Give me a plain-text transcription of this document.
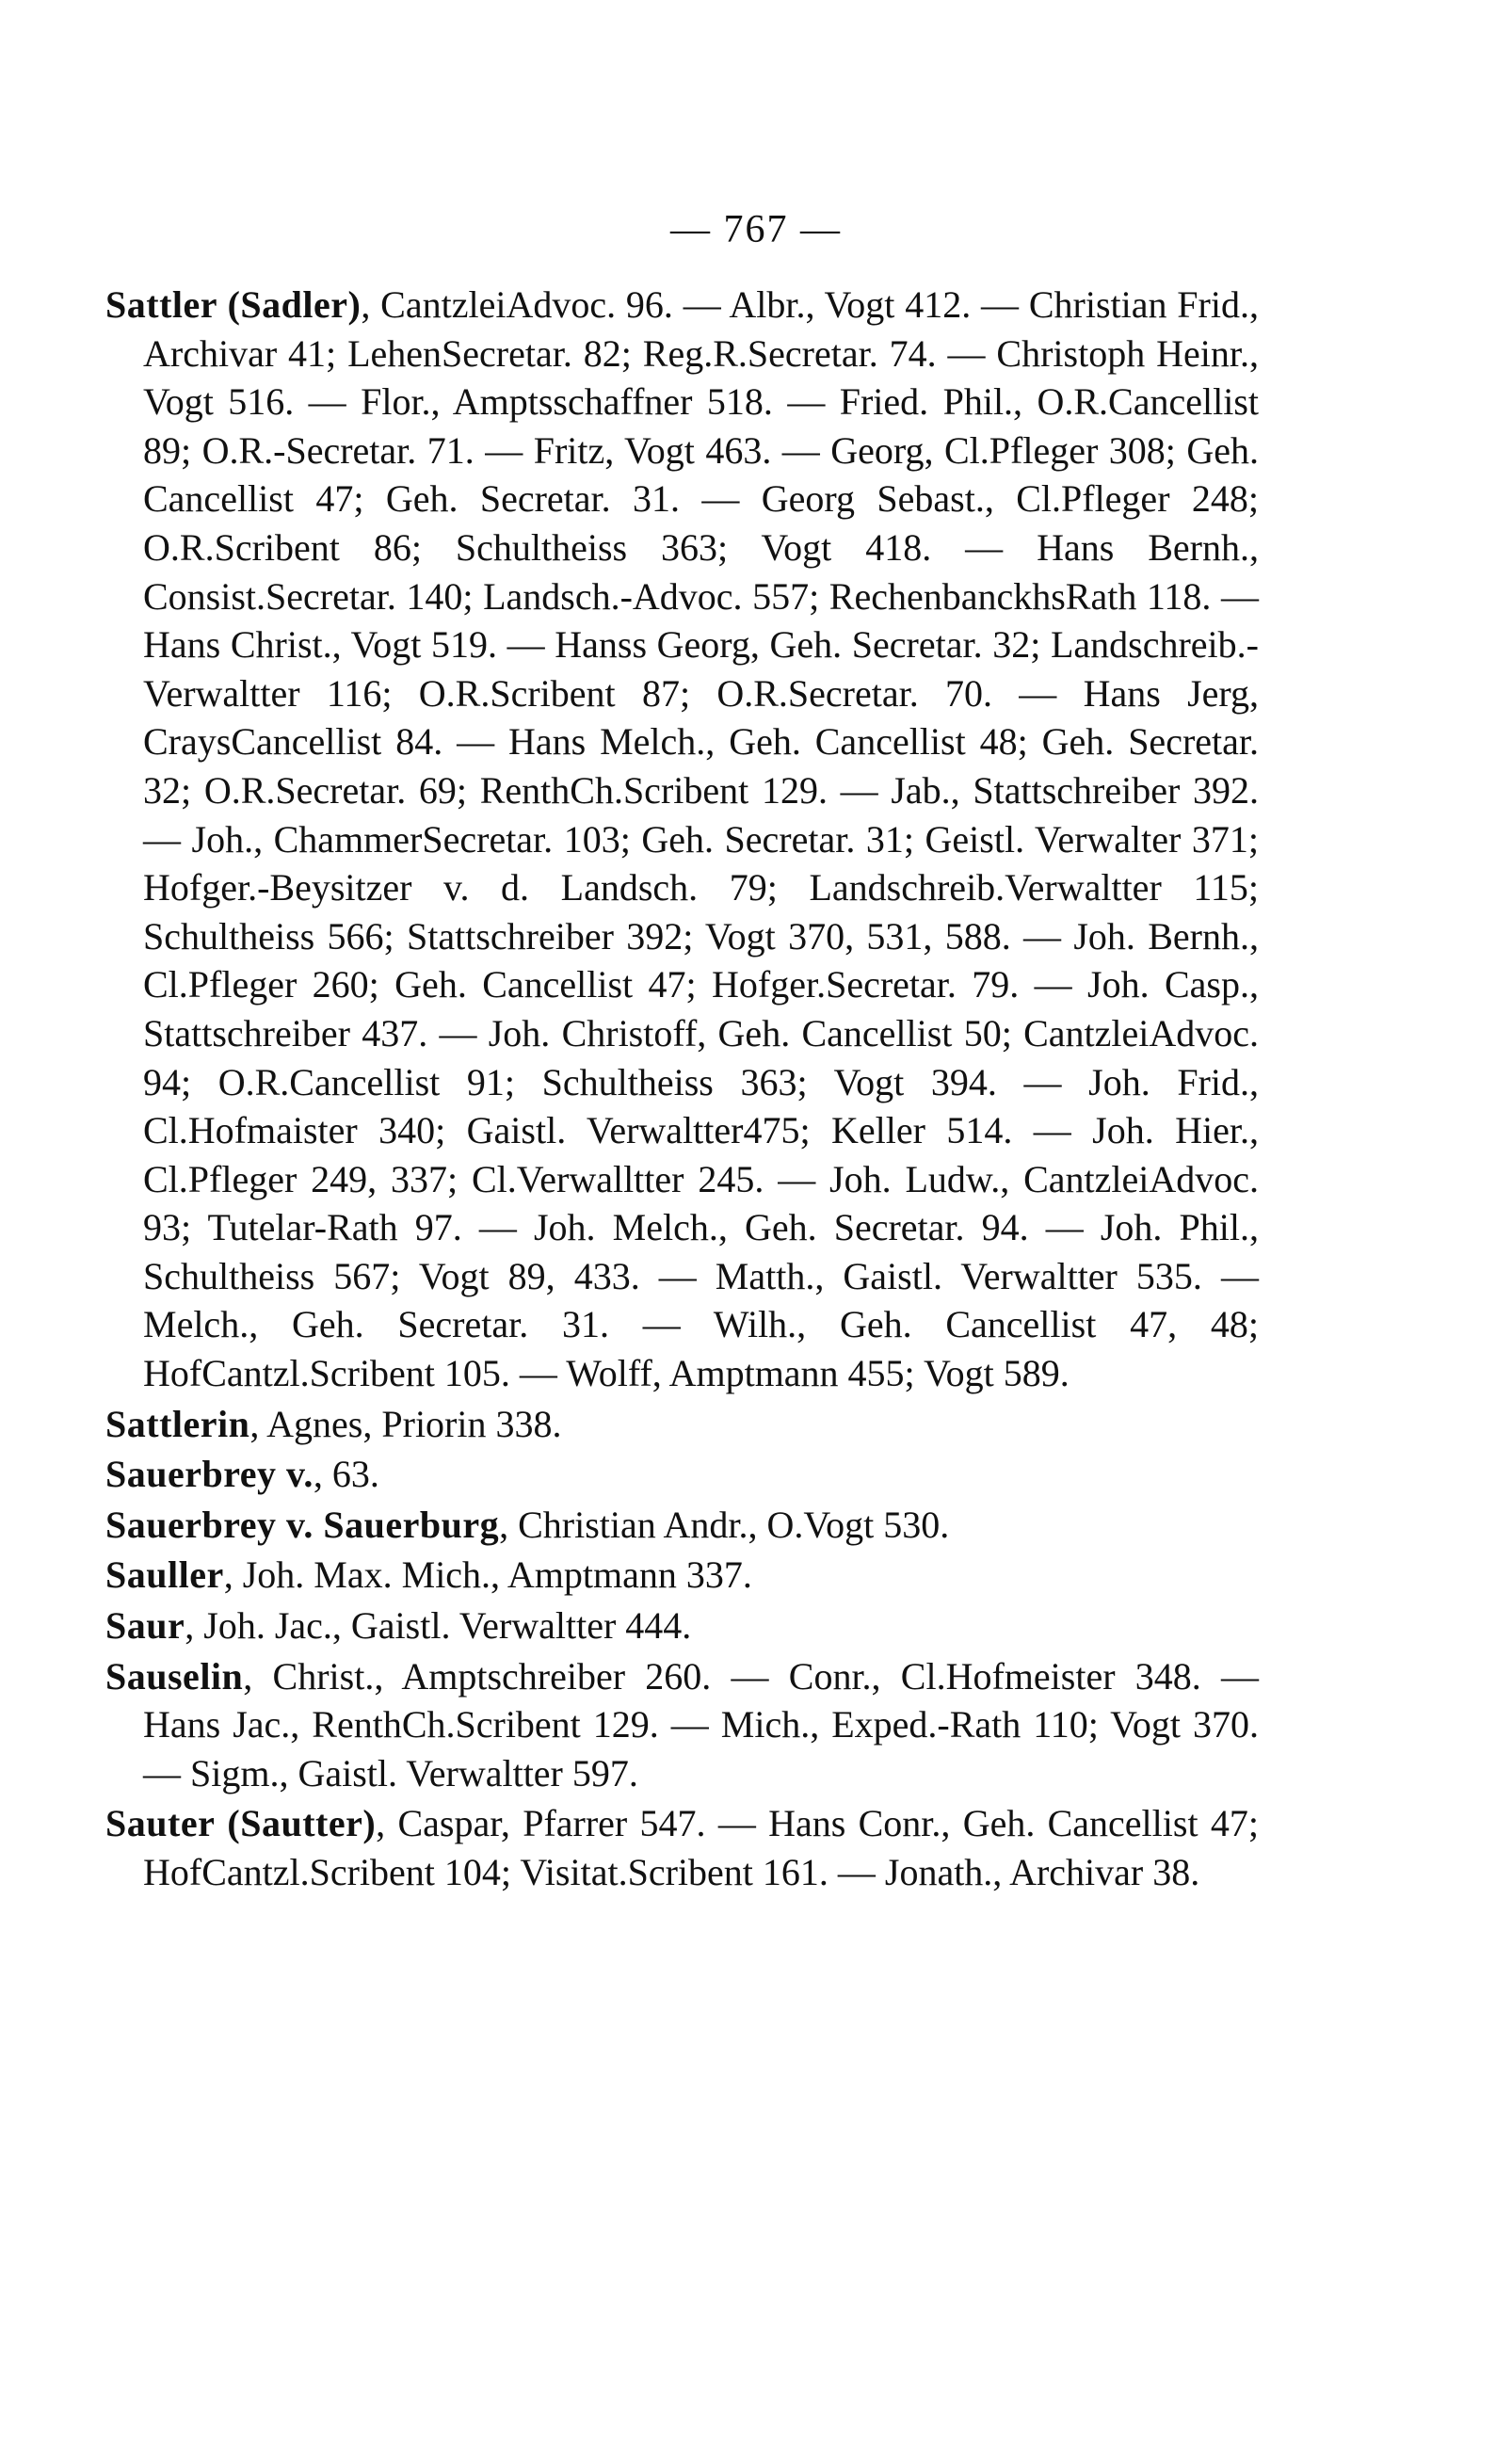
— 767 —

Sattler (Sadler), CantzleiAdvoc. 96. — Albr., Vogt 412. — Christian Frid., Archivar 41; LehenSecretar. 82; Reg.R.Secretar. 74. — Christoph Heinr., Vogt 516. — Flor., Amptsschaffner 518. — Fried. Phil., O.R.Cancellist 89; O.R.-Secretar. 71. — Fritz, Vogt 463. — Georg, Cl.Pfleger 308; Geh. Cancellist 47; Geh. Secretar. 31. — Georg Sebast., Cl.Pfleger 248; O.R.Scribent 86; Schultheiss 363; Vogt 418. — Hans Bernh., Consist.Secretar. 140; Landsch.-Advoc. 557; RechenbanckhsRath 118. — Hans Christ., Vogt 519. — Hanss Georg, Geh. Secretar. 32; Landschreib.-Verwaltter 116; O.R.Scribent 87; O.R.Secretar. 70. — Hans Jerg, CraysCancellist 84. — Hans Melch., Geh. Cancellist 48; Geh. Secretar. 32; O.R.Secretar. 69; RenthCh.Scribent 129. — Jab., Stattschreiber 392. — Joh., ChammerSecretar. 103; Geh. Secretar. 31; Geistl. Verwalter 371; Hofger.-Beysitzer v. d. Landsch. 79; Landschreib.Verwaltter 115; Schultheiss 566; Stattschreiber 392; Vogt 370, 531, 588. — Joh. Bernh., Cl.Pfleger 260; Geh. Cancellist 47; Hofger.Secretar. 79. — Joh. Casp., Stattschreiber 437. — Joh. Christoff, Geh. Cancellist 50; CantzleiAdvoc. 94; O.R.Cancellist 91; Schultheiss 363; Vogt 394. — Joh. Frid., Cl.Hofmaister 340; Gaistl. Verwaltter475; Keller 514. — Joh. Hier., Cl.Pfleger 249, 337; Cl.Verwalltter 245. — Joh. Ludw., CantzleiAdvoc. 93; Tutelar-Rath 97. — Joh. Melch., Geh. Secretar. 94. — Joh. Phil., Schultheiss 567; Vogt 89, 433. — Matth., Gaistl. Verwaltter 535. — Melch., Geh. Secretar. 31. — Wilh., Geh. Cancellist 47, 48; HofCantzl.Scribent 105. — Wolff, Amptmann 455; Vogt 589.

Sattlerin, Agnes, Priorin 338.

Sauerbrey v., 63.

Sauerbrey v. Sauerburg, Christian Andr., O.Vogt 530.

Sauller, Joh. Max. Mich., Amptmann 337.

Saur, Joh. Jac., Gaistl. Verwaltter 444.

Sauselin, Christ., Amptschreiber 260. — Conr., Cl.Hofmeister 348. — Hans Jac., RenthCh.Scribent 129. — Mich., Exped.-Rath 110; Vogt 370. — Sigm., Gaistl. Verwaltter 597.

Sauter (Sautter), Caspar, Pfarrer 547. — Hans Conr., Geh. Cancellist 47; HofCantzl.Scribent 104; Visitat.Scribent 161. — Jonath., Archivar 38.
